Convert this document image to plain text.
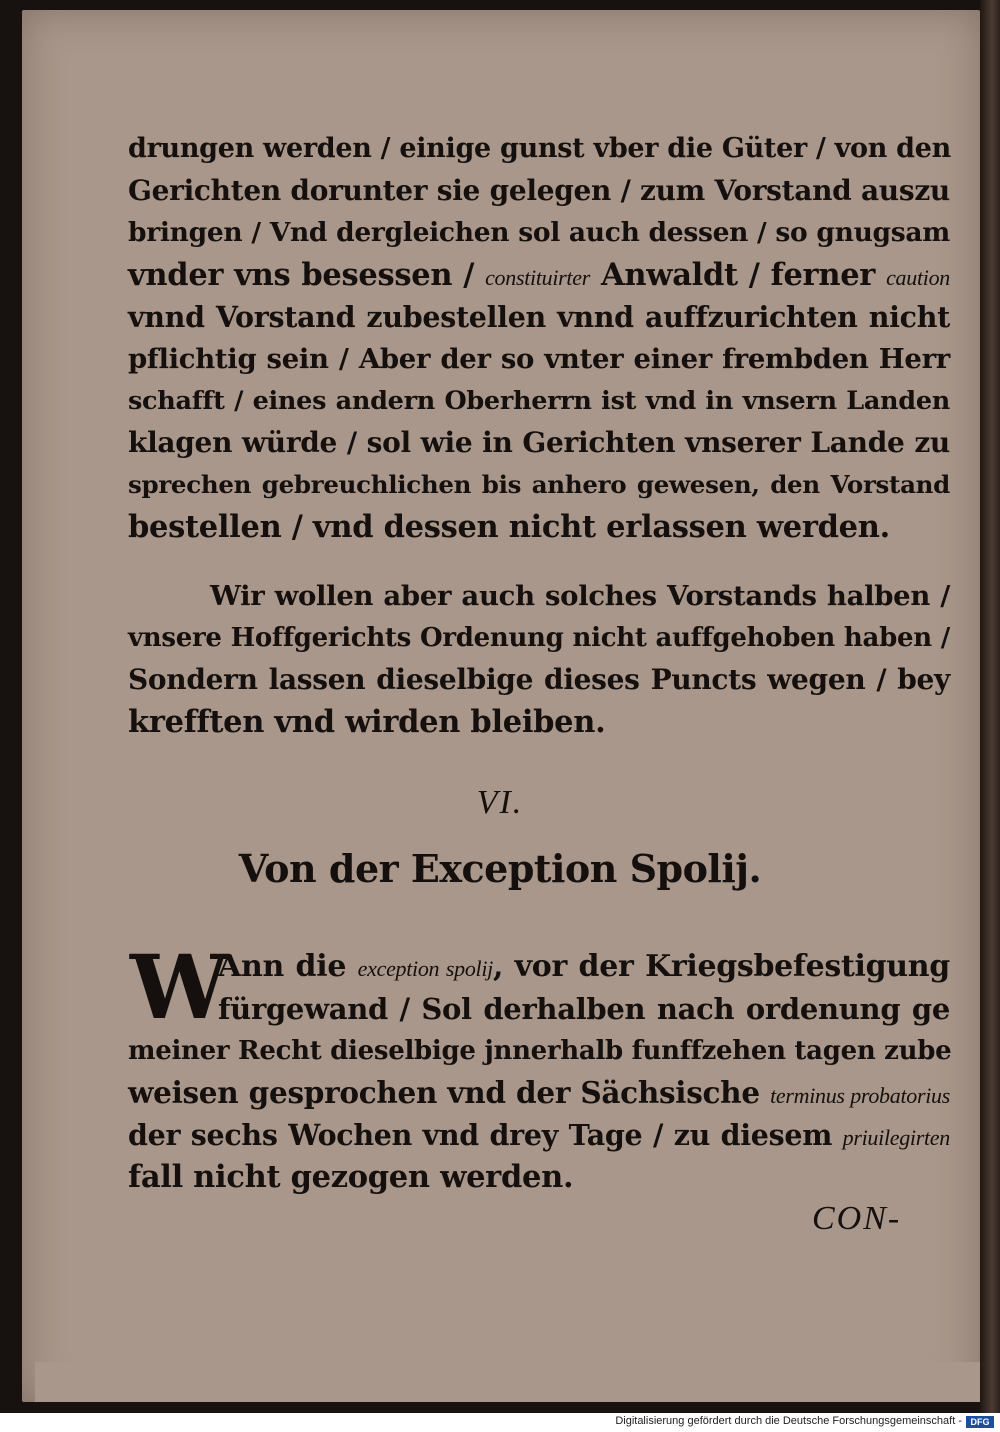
drungen werden / einige gunst vber die Güter / von den
Gerichten dorunter sie gelegen / zum Vorstand auszu
bringen / Vnd dergleichen sol auch dessen / so gnugsam
vnder vns besessen / constituirter Anwaldt / ferner caution
vnnd Vorstand zubestellen vnnd auffzurichten nicht
pflichtig sein / Aber der so vnter einer frembden Herr
schafft / eines andern Oberherrn ist vnd in vnsern Landen
klagen würde / sol wie in Gerichten vnserer Lande zu
sprechen gebreuchlichen bis anhero gewesen, den Vorstand
bestellen / vnd dessen nicht erlassen werden.
Wir wollen aber auch solches Vorstands halben /
vnsere Hoffgerichts Ordenung nicht auffgehoben haben /
Sondern lassen dieselbige dieses Puncts wegen / bey
krefften vnd wirden bleiben.
VI.
Von der Exception Spolij.
W
Ann die exception spolij, vor der Kriegsbefestigung
fürgewand / Sol derhalben nach ordenung ge
meiner Recht dieselbige jnnerhalb funffzehen tagen zube
weisen gesprochen vnd der Sächsische terminus probatorius
der sechs Wochen vnd drey Tage / zu diesem priuilegirten
fall nicht gezogen werden.
CON-
Digitalisierung gefördert durch die Deutsche Forschungsgemeinschaft - DFG
